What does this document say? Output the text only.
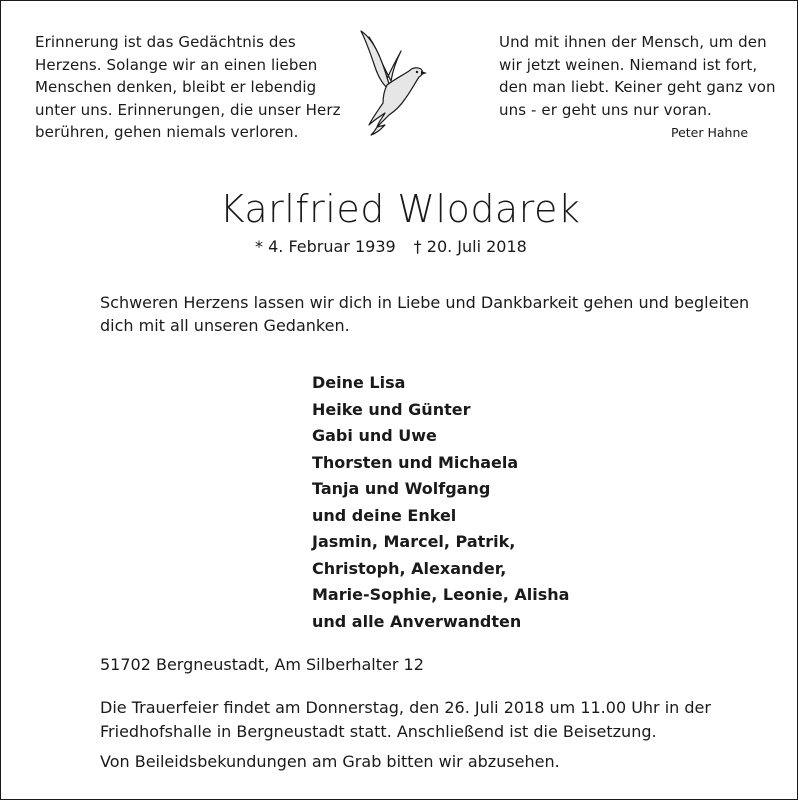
Erinnerung ist das Gedächtnis des
Herzens. Solange wir an einen lieben
Menschen denken, bleibt er lebendig
unter uns. Erinnerungen, die unser Herz
berühren, gehen niemals verloren.
Und mit ihnen der Mensch, um den
wir jetzt weinen. Niemand ist fort,
den man liebt. Keiner geht ganz von
uns - er geht uns nur voran.
Peter Hahne
Karlfried Wlodarek
* 4. Februar 1939 † 20. Juli 2018
Schweren Herzens lassen wir dich in Liebe und Dankbarkeit gehen und begleiten
dich mit all unseren Gedanken.
Deine Lisa
Heike und Günter
Gabi und Uwe
Thorsten und Michaela
Tanja und Wolfgang
und deine Enkel
Jasmin, Marcel, Patrik,
Christoph, Alexander,
Marie-Sophie, Leonie, Alisha
und alle Anverwandten
51702 Bergneustadt, Am Silberhalter 12
Die Trauerfeier findet am Donnerstag, den 26. Juli 2018 um 11.00 Uhr in der
Friedhofshalle in Bergneustadt statt. Anschließend ist die Beisetzung.
Von Beileidsbekundungen am Grab bitten wir abzusehen.
